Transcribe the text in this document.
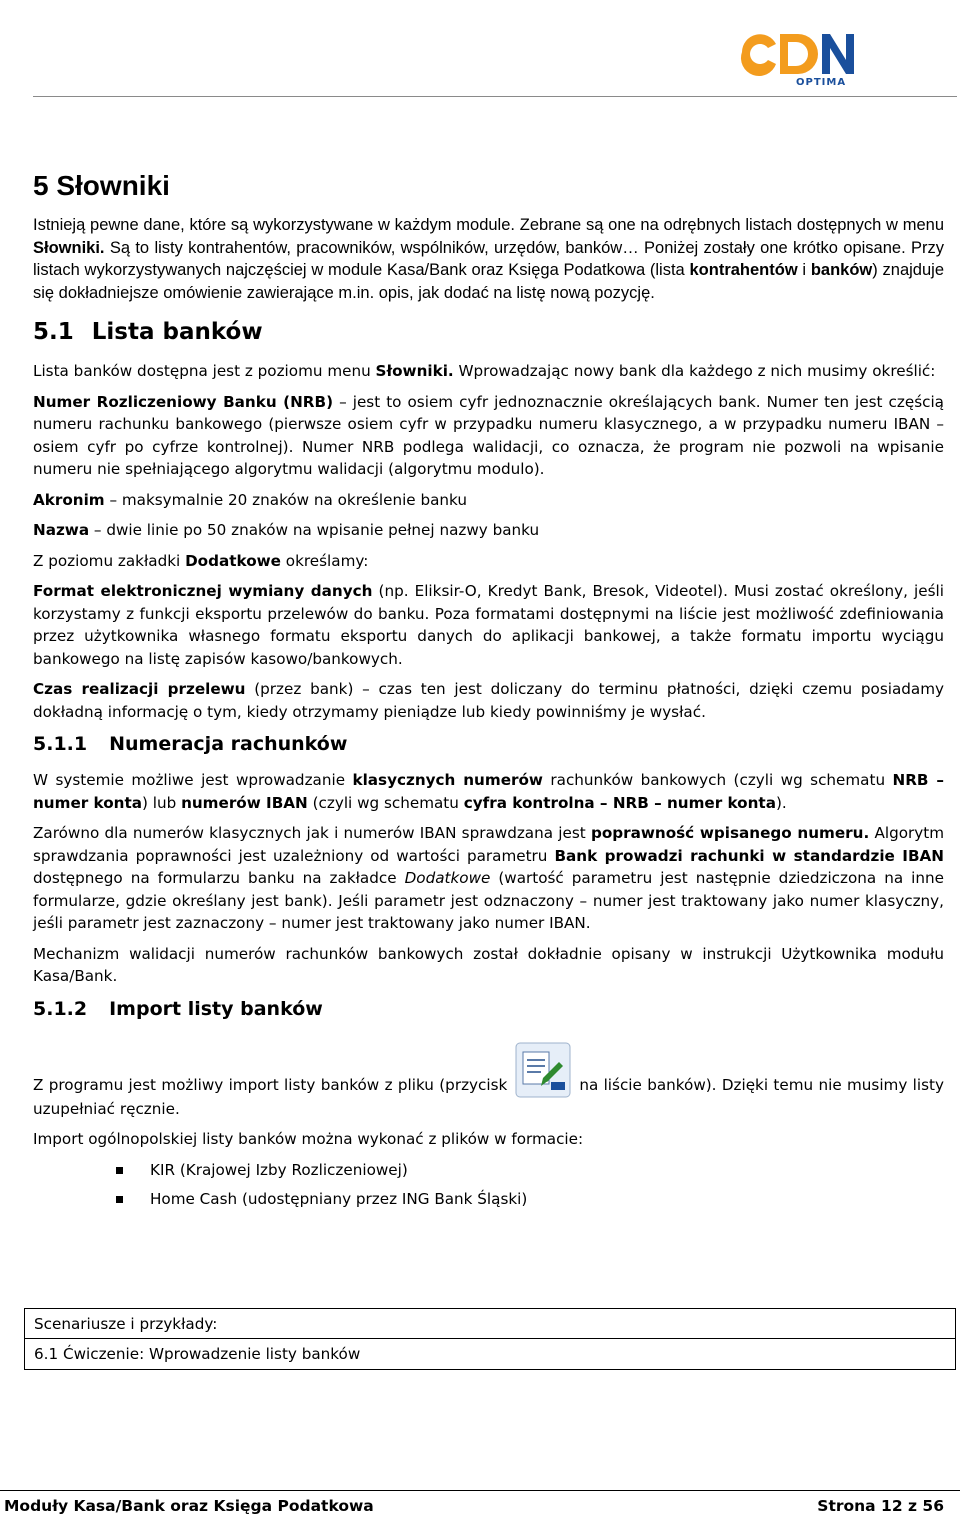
OPTIMA
5 Słowniki

Istnieją pewne dane, które są wykorzystywane w każdym module. Zebrane są one na odrębnych listach dostępnych w menu Słowniki. Są to listy kontrahentów, pracowników, wspólników, urzędów, banków… Poniżej zostały one krótko opisane. Przy listach wykorzystywanych najczęściej w module Kasa/Bank oraz Księga Podatkowa (lista kontrahentów i banków) znajduje się dokładniejsze omówienie zawierające m.in. opis, jak dodać na listę nową pozycję.

5.1 Lista banków

Lista banków dostępna jest z poziomu menu Słowniki. Wprowadzając nowy bank dla każdego z nich musimy określić:

Numer Rozliczeniowy Banku (NRB) – jest to osiem cyfr jednoznacznie określających bank. Numer ten jest częścią numeru rachunku bankowego (pierwsze osiem cyfr w przypadku numeru klasycznego, a w przypadku numeru IBAN – osiem cyfr po cyfrze kontrolnej). Numer NRB podlega walidacji, co oznacza, że program nie pozwoli na wpisanie numeru nie spełniającego algorytmu walidacji (algorytmu modulo).

Akronim – maksymalnie 20 znaków na określenie banku

Nazwa – dwie linie po 50 znaków na wpisanie pełnej nazwy banku

Z poziomu zakładki Dodatkowe określamy:

Format elektronicznej wymiany danych (np. Eliksir-O, Kredyt Bank, Bresok, Videotel). Musi zostać określony, jeśli korzystamy z funkcji eksportu przelewów do banku. Poza formatami dostępnymi na liście jest możliwość zdefiniowania przez użytkownika własnego formatu eksportu danych do aplikacji bankowej, a także formatu importu wyciągu bankowego na listę zapisów kasowo/bankowych.

Czas realizacji przelewu (przez bank) – czas ten jest doliczany do terminu płatności, dzięki czemu posiadamy dokładną informację o tym, kiedy otrzymamy pieniądze lub kiedy powinniśmy je wysłać.

5.1.1 Numeracja rachunków

W systemie możliwe jest wprowadzanie klasycznych numerów rachunków bankowych (czyli wg schematu NRB – numer konta) lub numerów IBAN (czyli wg schematu cyfra kontrolna – NRB – numer konta).

Zarówno dla numerów klasycznych jak i numerów IBAN sprawdzana jest poprawność wpisanego numeru. Algorytm sprawdzania poprawności jest uzależniony od wartości parametru Bank prowadzi rachunki w standardzie IBAN dostępnego na formularzu banku na zakładce Dodatkowe (wartość parametru jest następnie dziedziczona na inne formularze, gdzie określany jest bank). Jeśli parametr jest odznaczony – numer jest traktowany jako numer klasyczny, jeśli parametr jest zaznaczony – numer jest traktowany jako numer IBAN.

Mechanizm walidacji numerów rachunków bankowych został dokładnie opisany w instrukcji Użytkownika modułu Kasa/Bank.

5.1.2 Import listy banków

Z programu jest możliwy import listy banków z pliku (przycisk	na liście banków). Dzięki temu nie musimy listy uzupełniać ręcznie.

Import ogólnopolskiej listy banków można wykonać z plików w formacie:

KIR (Krajowej Izby Rozliczeniowej)
Home Cash (udostępniany przez ING Bank Śląski)
Scenariusze i przykłady:
6.1 Ćwiczenie: Wprowadzenie listy banków
Moduły Kasa/Bank oraz Księga Podatkowa	Strona 12 z 56
